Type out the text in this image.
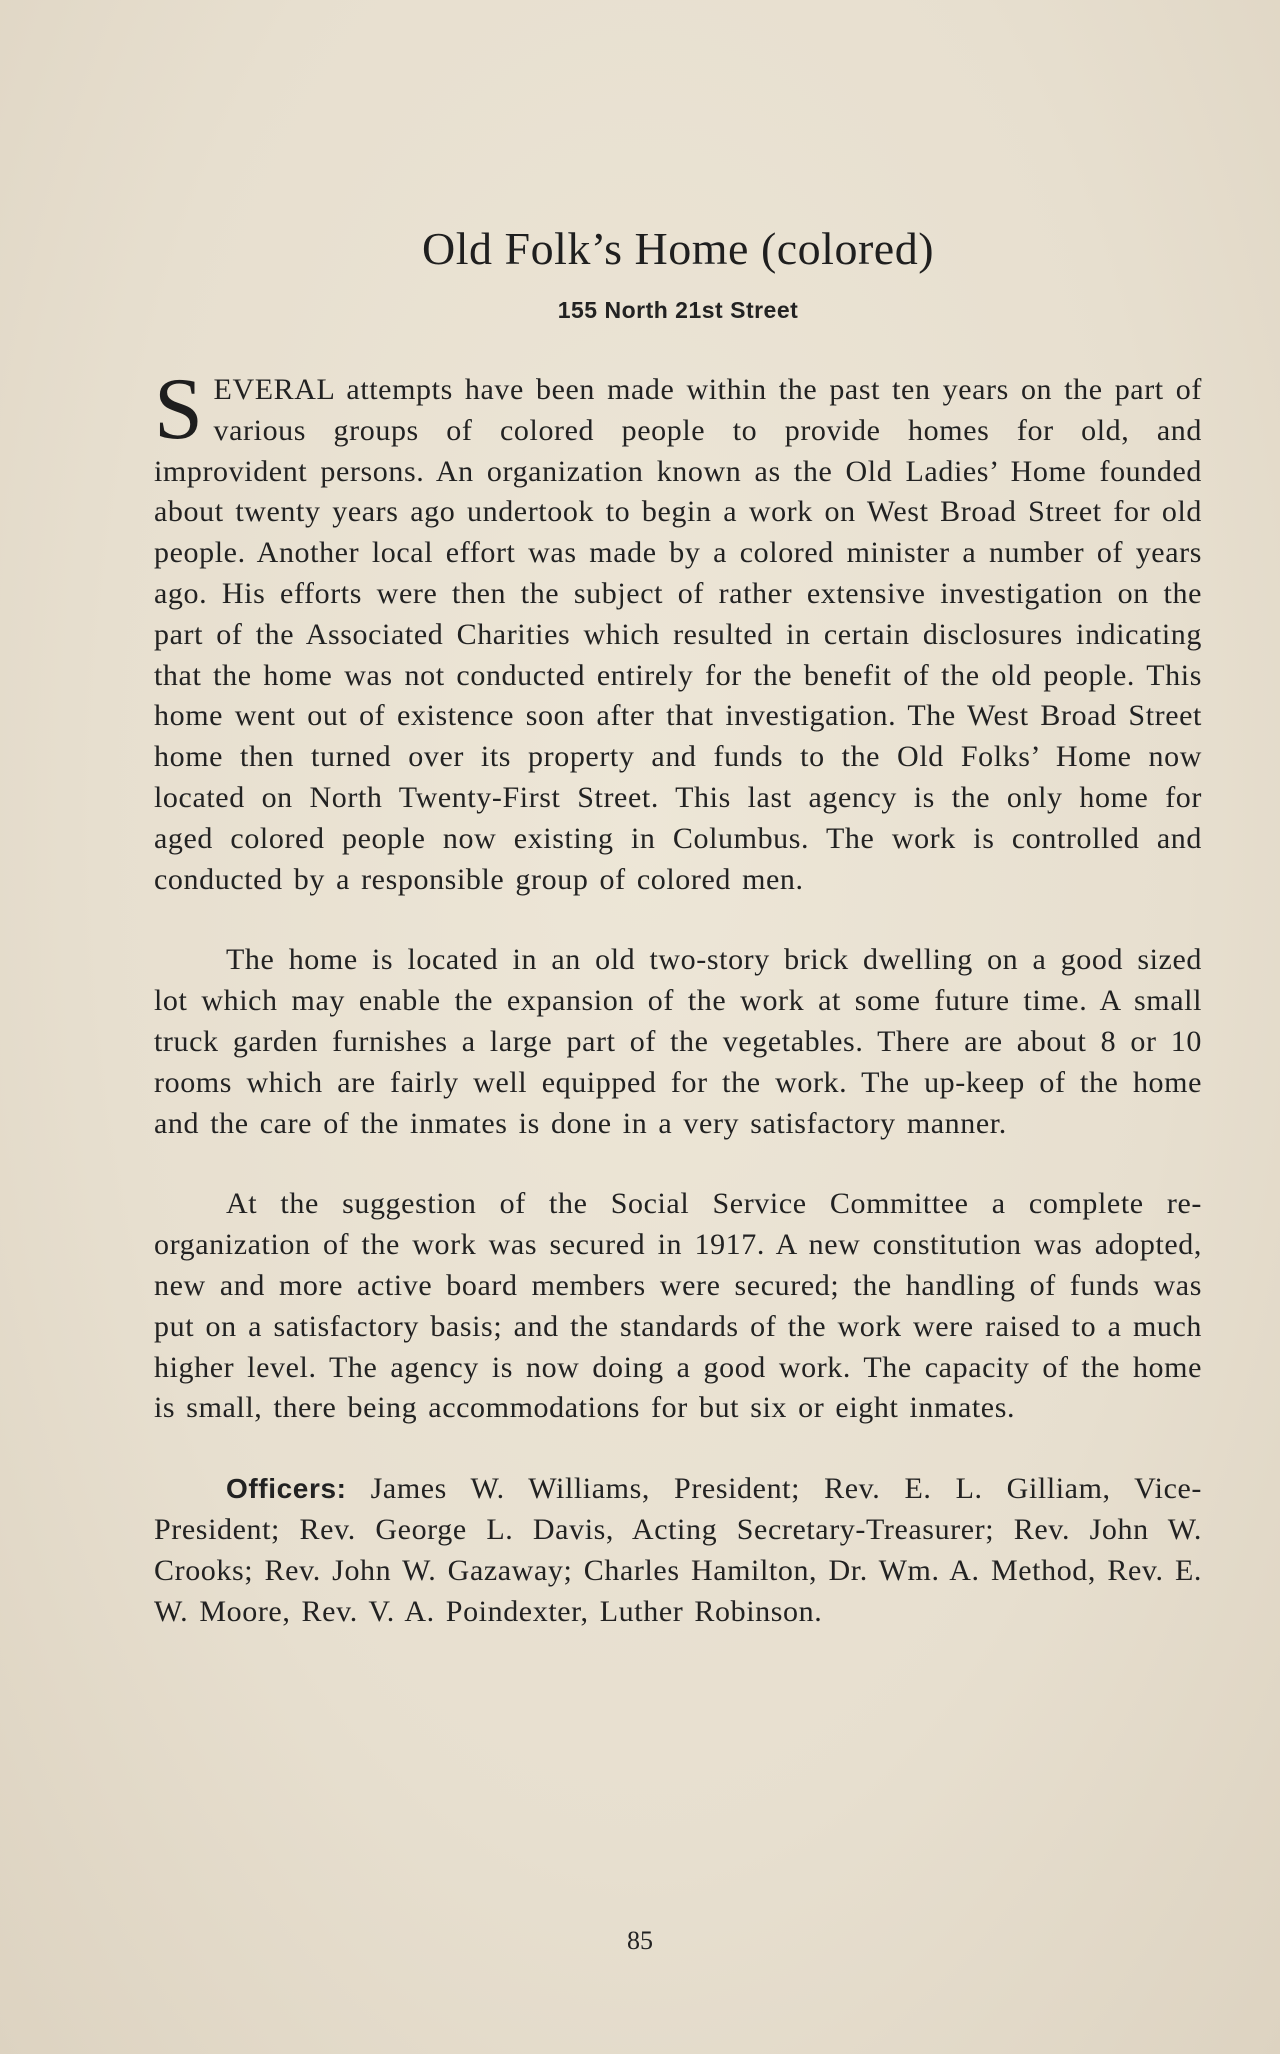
Old Folk’s Home (colored)
155 North 21st Street

SEVERAL attempts have been made within the past ten years on the part of various groups of colored people to provide homes for old, and improvident persons. An organization known as the Old Ladies’ Home founded about twenty years ago undertook to begin a work on West Broad Street for old people. Another local effort was made by a colored minister a number of years ago. His efforts were then the subject of rather extensive investigation on the part of the Associated Charities which resulted in certain disclosures indicating that the home was not conducted entirely for the benefit of the old people. This home went out of existence soon after that investigation. The West Broad Street home then turned over its property and funds to the Old Folks’ Home now located on North Twenty-First Street. This last agency is the only home for aged colored people now existing in Columbus. The work is controlled and conducted by a responsible group of colored men.

The home is located in an old two-story brick dwelling on a good sized lot which may enable the expansion of the work at some future time. A small truck garden furnishes a large part of the vegetables. There are about 8 or 10 rooms which are fairly well equipped for the work. The up-keep of the home and the care of the inmates is done in a very satisfactory manner.

At the suggestion of the Social Service Committee a complete re-organization of the work was secured in 1917. A new constitution was adopted, new and more active board members were secured; the handling of funds was put on a satisfactory basis; and the standards of the work were raised to a much higher level. The agency is now doing a good work. The capacity of the home is small, there being accommodations for but six or eight inmates.

Officers: James W. Williams, President; Rev. E. L. Gilliam, Vice-President; Rev. George L. Davis, Acting Secretary-Treasurer; Rev. John W. Crooks; Rev. John W. Gazaway; Charles Hamilton, Dr. Wm. A. Method, Rev. E. W. Moore, Rev. V. A. Poindexter, Luther Robinson.

85
